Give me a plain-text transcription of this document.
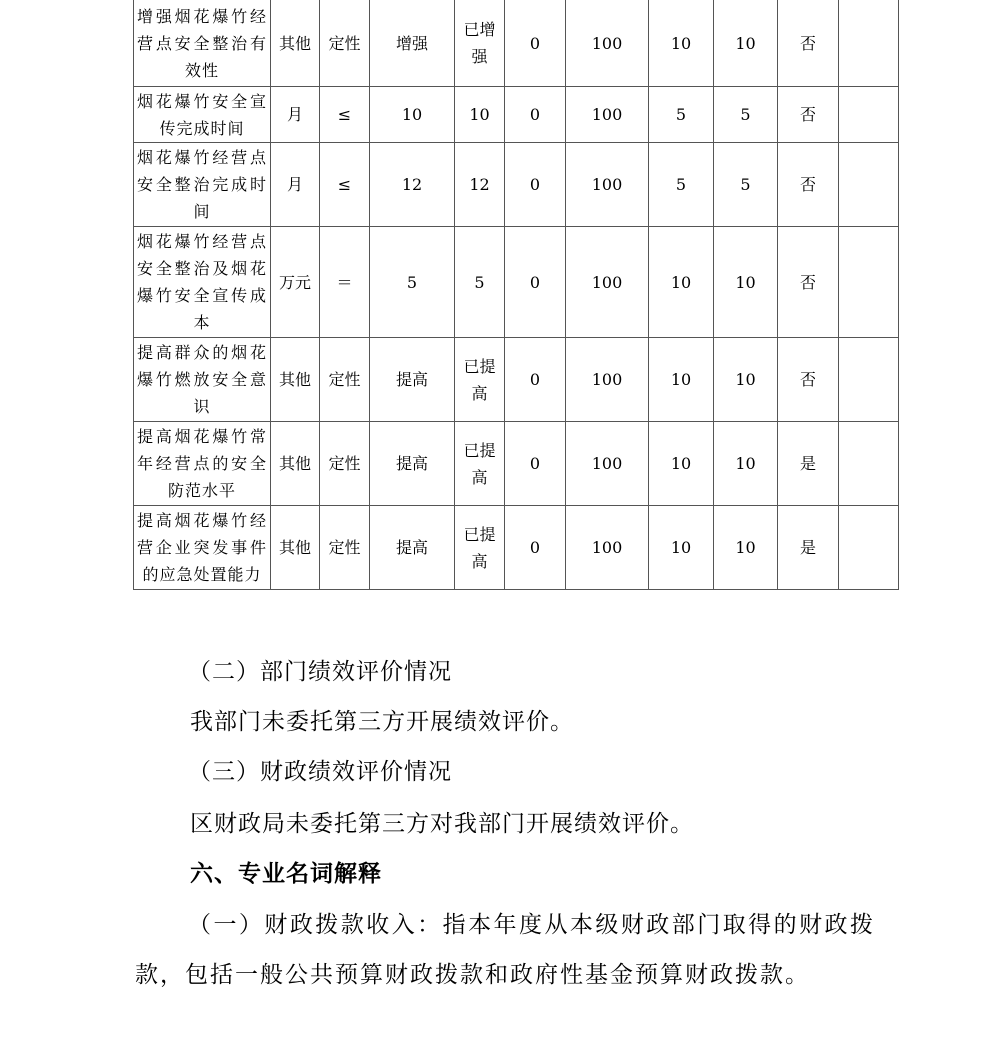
增强烟花爆竹经营点安全整治有效性	其他	定性	增强	已增强	0	100	10	10	否	
烟花爆竹安全宣传完成时间	月	≤	10	10	0	100	5	5	否	
烟花爆竹经营点安全整治完成时间	月	≤	12	12	0	100	5	5	否	
烟花爆竹经营点安全整治及烟花爆竹安全宣传成本	万元	＝	5	5	0	100	10	10	否	
提高群众的烟花爆竹燃放安全意识	其他	定性	提高	已提高	0	100	10	10	否	
提高烟花爆竹常年经营点的安全防范水平	其他	定性	提高	已提高	0	100	10	10	是	
提高烟花爆竹经营企业突发事件的应急处置能力	其他	定性	提高	已提高	0	100	10	10	是	
（二）部门绩效评价情况
我部门未委托第三方开展绩效评价。
（三）财政绩效评价情况
区财政局未委托第三方对我部门开展绩效评价。
六、专业名词解释
（一）财政拨款收入：指本年度从本级财政部门取得的财政拨款，包括一般公共预算财政拨款和政府性基金预算财政拨款。
